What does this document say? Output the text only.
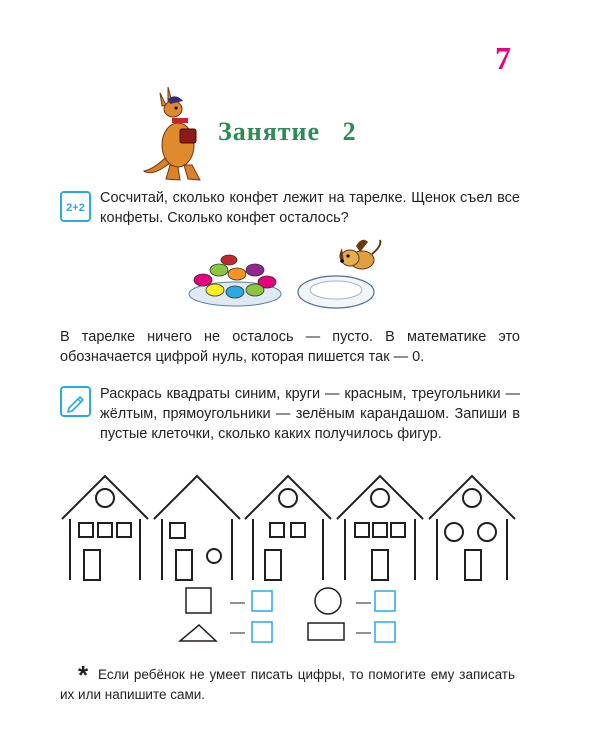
7
Занятие   2
2+2
Сосчитай, сколько конфет лежит на тарелке. Щенок съел все конфеты. Сколько конфет осталось?
В тарелке ничего не осталось — пусто. В математике это обозначается цифрой нуль, которая пишется так — 0.
Раскрась квадраты синим, круги — красным, треугольники — жёлтым, прямоугольники — зелёным карандашом. Запиши в пустые клеточки, сколько каких получилось фигур.
—	—
—	—
* Если ребёнок не умеет писать цифры, то помогите ему записать их или напишите сами.
